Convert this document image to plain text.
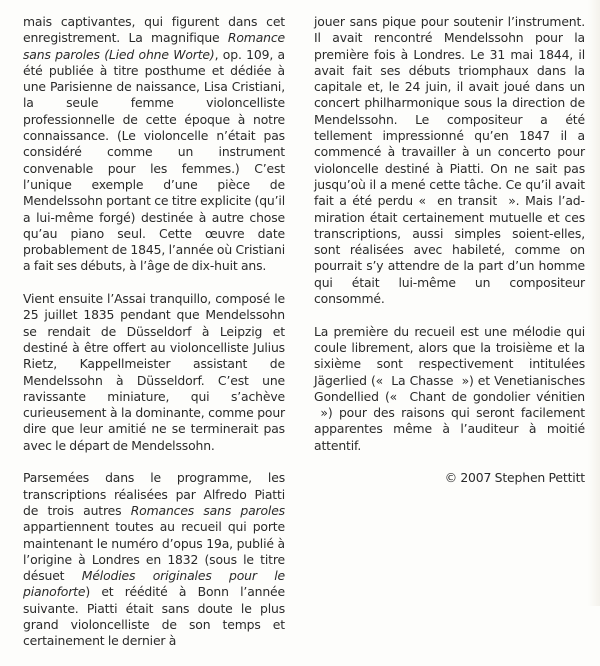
mais captivantes, qui figurent dans cet enregistrement. La magnifique Romance sans paroles (Lied ohne Worte), op. 109, a été publiée à titre posthume et dédiée à une Parisienne de naissance, Lisa Cristiani, la seule femme violoncelliste professionnelle de cette époque à notre connaissance. (Le violoncelle n’était pas considéré comme un instrument convenable pour les femmes.) C’est l’unique exemple d’une pièce de Mendelssohn portant ce titre explicite (qu’il a lui-même forgé) destinée à autre chose qu’au piano seul. Cette œuvre date probablement de 1845, l’année où Cristiani a fait ses débuts, à l’âge de dix-huit ans.

Vient ensuite l’Assai tranquillo, composé le 25 juillet 1835 pendant que Mendelssohn se rendait de Düsseldorf à Leipzig et destiné à être offert au violoncelliste Julius Rietz, Kappellmeister assistant de Mendelssohn à Düsseldorf. C’est une ravissante miniature, qui s’achève curieusement à la dominante, comme pour dire que leur amitié ne se terminerait pas avec le départ de Mendelssohn.

Parsemées dans le programme, les transcriptions réalisées par Alfredo Piatti de trois autres Romances sans paroles appartiennent toutes au recueil qui porte maintenant le numéro d’opus 19a, publié à l’origine à Londres en 1832 (sous le titre désuet Mélodies originales pour le pianoforte) et réédité à Bonn l’année suivante. Piatti était sans doute le plus grand violoncelliste de son temps et certainement le dernier à

jouer sans pique pour soutenir l’instrument. Il avait rencontré Mendelssohn pour la première fois à Londres. Le 31 mai 1844, il avait fait ses débuts triomphaux dans la capitale et, le 24 juin, il avait joué dans un concert philharmonique sous la direction de Mendelssohn. Le compositeur a été tellement impressionné qu’en 1847 il a commencé à travailler à un concerto pour violoncelle destiné à Piatti. On ne sait pas jusqu’où il a mené cette tâche. Ce qu’il avait fait a été perdu «  en transit  ». Mais l’admiration était certainement mutuelle et ces transcriptions, aussi simples soient-elles, sont réalisées avec habileté, comme on pourrait s’y attendre de la part d’un homme qui était lui-même un compositeur consommé.

La première du recueil est une mélodie qui coule librement, alors que la troisième et la sixième sont respectivement intitulées Jägerlied («  La Chasse  ») et Venetianisches Gondellied («  Chant de gondolier vénitien  ») pour des raisons qui seront facilement apparentes même à l’auditeur à moitié attentif.

© 2007 Stephen Pettitt
